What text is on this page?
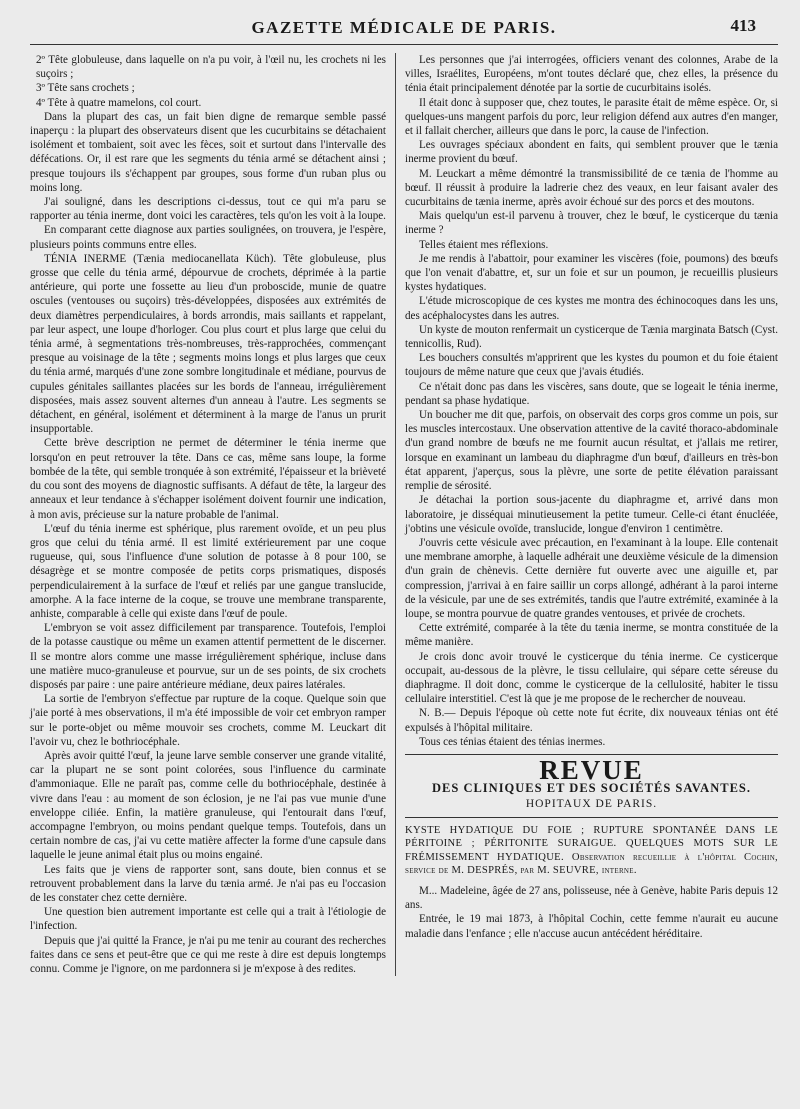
GAZETTE MÉDICALE DE PARIS.	413

2º Tête globuleuse, dans laquelle on n'a pu voir, à l'œil nu, les crochets ni les suçoirs ;

3º Tête sans crochets ;

4º Tête à quatre mamelons, col court.

Dans la plupart des cas, un fait bien digne de remarque semble passé inaperçu : la plupart des observateurs disent que les cucurbitains se détachaient isolément et tombaient, soit avec les fèces, soit et surtout dans l'intervalle des défécations. Or, il est rare que les segments du ténia armé se détachent ainsi ; presque toujours ils s'échappent par groupes, sous forme d'un ruban plus ou moins long.

J'ai souligné, dans les descriptions ci-dessus, tout ce qui m'a paru se rapporter au ténia inerme, dont voici les caractères, tels qu'on les voit à la loupe.

En comparant cette diagnose aux parties soulignées, on trouvera, je l'espère, plusieurs points communs entre elles.

TÉNIA INERME (Tænia mediocanellata Küch). Tête globuleuse, plus grosse que celle du ténia armé, dépourvue de crochets, déprimée à la partie antérieure, qui porte une fossette au lieu d'un proboscide, munie de quatre oscules (ventouses ou suçoirs) très-développées, disposées aux extrémités de deux diamètres perpendiculaires, à bords arrondis, mais saillants et rappelant, par leur aspect, une loupe d'horloger. Cou plus court et plus large que celui du ténia armé, à segmentations très-nombreuses, très-rapprochées, commençant presque au voisinage de la tête ; segments moins longs et plus larges que ceux du ténia armé, marqués d'une zone sombre longitudinale et médiane, pourvus de cupules génitales saillantes placées sur les bords de l'anneau, irrégulièrement disposées, mais assez souvent alternes d'un anneau à l'autre. Les segments se détachent, en général, isolément et déterminent à la marge de l'anus un prurit insupportable.

Cette brève description ne permet de déterminer le ténia inerme que lorsqu'on en peut retrouver la tête. Dans ce cas, même sans loupe, la forme bombée de la tête, qui semble tronquée à son extrémité, l'épaisseur et la brièveté du cou sont des moyens de diagnostic suffisants. A défaut de tête, la largeur des anneaux et leur tendance à s'échapper isolément doivent fournir une indication, à mon avis, précieuse sur la nature probable de l'animal.

L'œuf du ténia inerme est sphérique, plus rarement ovoïde, et un peu plus gros que celui du ténia armé. Il est limité extérieurement par une coque rugueuse, qui, sous l'influence d'une solution de potasse à 8 pour 100, se désagrège et se montre composée de petits corps prismatiques, disposés perpendiculairement à la surface de l'œuf et reliés par une gangue translucide, amorphe. A la face interne de la coque, se trouve une membrane transparente, anhiste, comparable à celle qui existe dans l'œuf de poule.

L'embryon se voit assez difficilement par transparence. Toutefois, l'emploi de la potasse caustique ou même un examen attentif permettent de le discerner. Il se montre alors comme une masse irrégulièrement sphérique, incluse dans une matière muco-granuleuse et pourvue, sur un de ses points, de six crochets disposés par paire : une paire antérieure médiane, deux paires latérales.

La sortie de l'embryon s'effectue par rupture de la coque. Quelque soin que j'aie porté à mes observations, il m'a été impossible de voir cet embryon ramper sur le porte-objet ou même mouvoir ses crochets, comme M. Leuckart dit l'avoir vu, chez le bothriocéphale.

Après avoir quitté l'œuf, la jeune larve semble conserver une grande vitalité, car la plupart ne se sont point colorées, sous l'influence du carminate d'ammoniaque. Elle ne paraît pas, comme celle du bothriocéphale, destinée à vivre dans l'eau : au moment de son éclosion, je ne l'ai pas vue munie d'une enveloppe ciliée. Enfin, la matière granuleuse, qui l'entourait dans l'œuf, accompagne l'embryon, ou moins pendant quelque temps. Toutefois, dans un certain nombre de cas, j'ai vu cette matière affecter la forme d'une capsule dans laquelle le jeune animal était plus ou moins engainé.

Les faits que je viens de rapporter sont, sans doute, bien connus et se retrouvent probablement dans la larve du tænia armé. Je n'ai pas eu l'occasion de les constater chez cette dernière.

Une question bien autrement importante est celle qui a trait à l'étiologie de l'infection.

Depuis que j'ai quitté la France, je n'ai pu me tenir au courant des recherches faites dans ce sens et peut-être que ce qui me reste à dire est depuis longtemps connu. Comme je l'ignore, on me pardonnera si je m'expose à des redites.

Les personnes que j'ai interrogées, officiers venant des colonnes, Arabe de la villes, Israélites, Européens, m'ont toutes déclaré que, chez elles, la présence du ténia était principalement dénotée par la sortie de cucurbitains isolés.

Il était donc à supposer que, chez toutes, le parasite était de même espèce. Or, si quelques-uns mangent parfois du porc, leur religion défend aux autres d'en manger, et il fallait chercher, ailleurs que dans le porc, la cause de l'infection.

Les ouvrages spéciaux abondent en faits, qui semblent prouver que le tænia inerme provient du bœuf.

M. Leuckart a même démontré la transmissibilité de ce tænia de l'homme au bœuf. Il réussit à produire la ladrerie chez des veaux, en leur faisant avaler des cucurbitains de tænia inerme, après avoir échoué sur des porcs et des moutons.

Mais quelqu'un est-il parvenu à trouver, chez le bœuf, le cysticerque du tænia inerme ?

Telles étaient mes réflexions.

Je me rendis à l'abattoir, pour examiner les viscères (foie, poumons) des bœufs que l'on venait d'abattre, et, sur un foie et sur un poumon, je recueillis plusieurs kystes hydatiques.

L'étude microscopique de ces kystes me montra des échinocoques dans les uns, des acéphalocystes dans les autres.

Un kyste de mouton renfermait un cysticerque de Tænia marginata Batsch (Cyst. tennicollis, Rud).

Les bouchers consultés m'apprirent que les kystes du poumon et du foie étaient toujours de même nature que ceux que j'avais étudiés.

Ce n'était donc pas dans les viscères, sans doute, que se logeait le ténia inerme, pendant sa phase hydatique.

Un boucher me dit que, parfois, on observait des corps gros comme un pois, sur les muscles intercostaux. Une observation attentive de la cavité thoraco-abdominale d'un grand nombre de bœufs ne me fournit aucun résultat, et j'allais me retirer, lorsque en examinant un lambeau du diaphragme d'un bœuf, d'ailleurs en très-bon état apparent, j'aperçus, sous la plèvre, une sorte de petite élévation paraissant remplie de sérosité.

Je détachai la portion sous-jacente du diaphragme et, arrivé dans mon laboratoire, je disséquai minutieusement la petite tumeur. Celle-ci étant énucléée, j'obtins une vésicule ovoïde, translucide, longue d'environ 1 centimètre.

J'ouvris cette vésicule avec précaution, en l'examinant à la loupe. Elle contenait une membrane amorphe, à laquelle adhérait une deuxième vésicule de la dimension d'un grain de chènevis. Cette dernière fut ouverte avec une aiguille et, par compression, j'arrivai à en faire saillir un corps allongé, adhérant à la paroi interne de la vésicule, par une de ses extrémités, tandis que l'autre extrémité, examinée à la loupe, se montra pourvue de quatre grandes ventouses, et privée de crochets.

Cette extrémité, comparée à la tête du tænia inerme, se montra constituée de la même manière.

Je crois donc avoir trouvé le cysticerque du ténia inerme. Ce cysticerque occupait, au-dessous de la plèvre, le tissu cellulaire, qui sépare cette séreuse du diaphragme. Il doit donc, comme le cysticerque de la cellulosité, habiter le tissu cellulaire interstitiel. C'est là que je me propose de le rechercher de nouveau.

N. B.— Depuis l'époque où cette note fut écrite, dix nouveaux ténias ont été expulsés à l'hôpital militaire.

Tous ces ténias étaient des ténias inermes.

REVUE
DES CLINIQUES ET DES SOCIÉTÉS SAVANTES.
HOPITAUX DE PARIS.

KYSTE HYDATIQUE DU FOIE ; RUPTURE SPONTANÉE DANS LE PÉRITOINE ; PÉRITONITE SURAIGUE. QUELQUES MOTS SUR LE FRÉMISSEMENT HYDATIQUE. Observation recueillie à l'hôpital Cochin, service de M. DESPRÉS, par M. SEUVRE, interne.

M... Madeleine, âgée de 27 ans, polisseuse, née à Genève, habite Paris depuis 12 ans.

Entrée, le 19 mai 1873, à l'hôpital Cochin, cette femme n'aurait eu aucune maladie dans l'enfance ; elle n'accuse aucun antécédent héréditaire.
